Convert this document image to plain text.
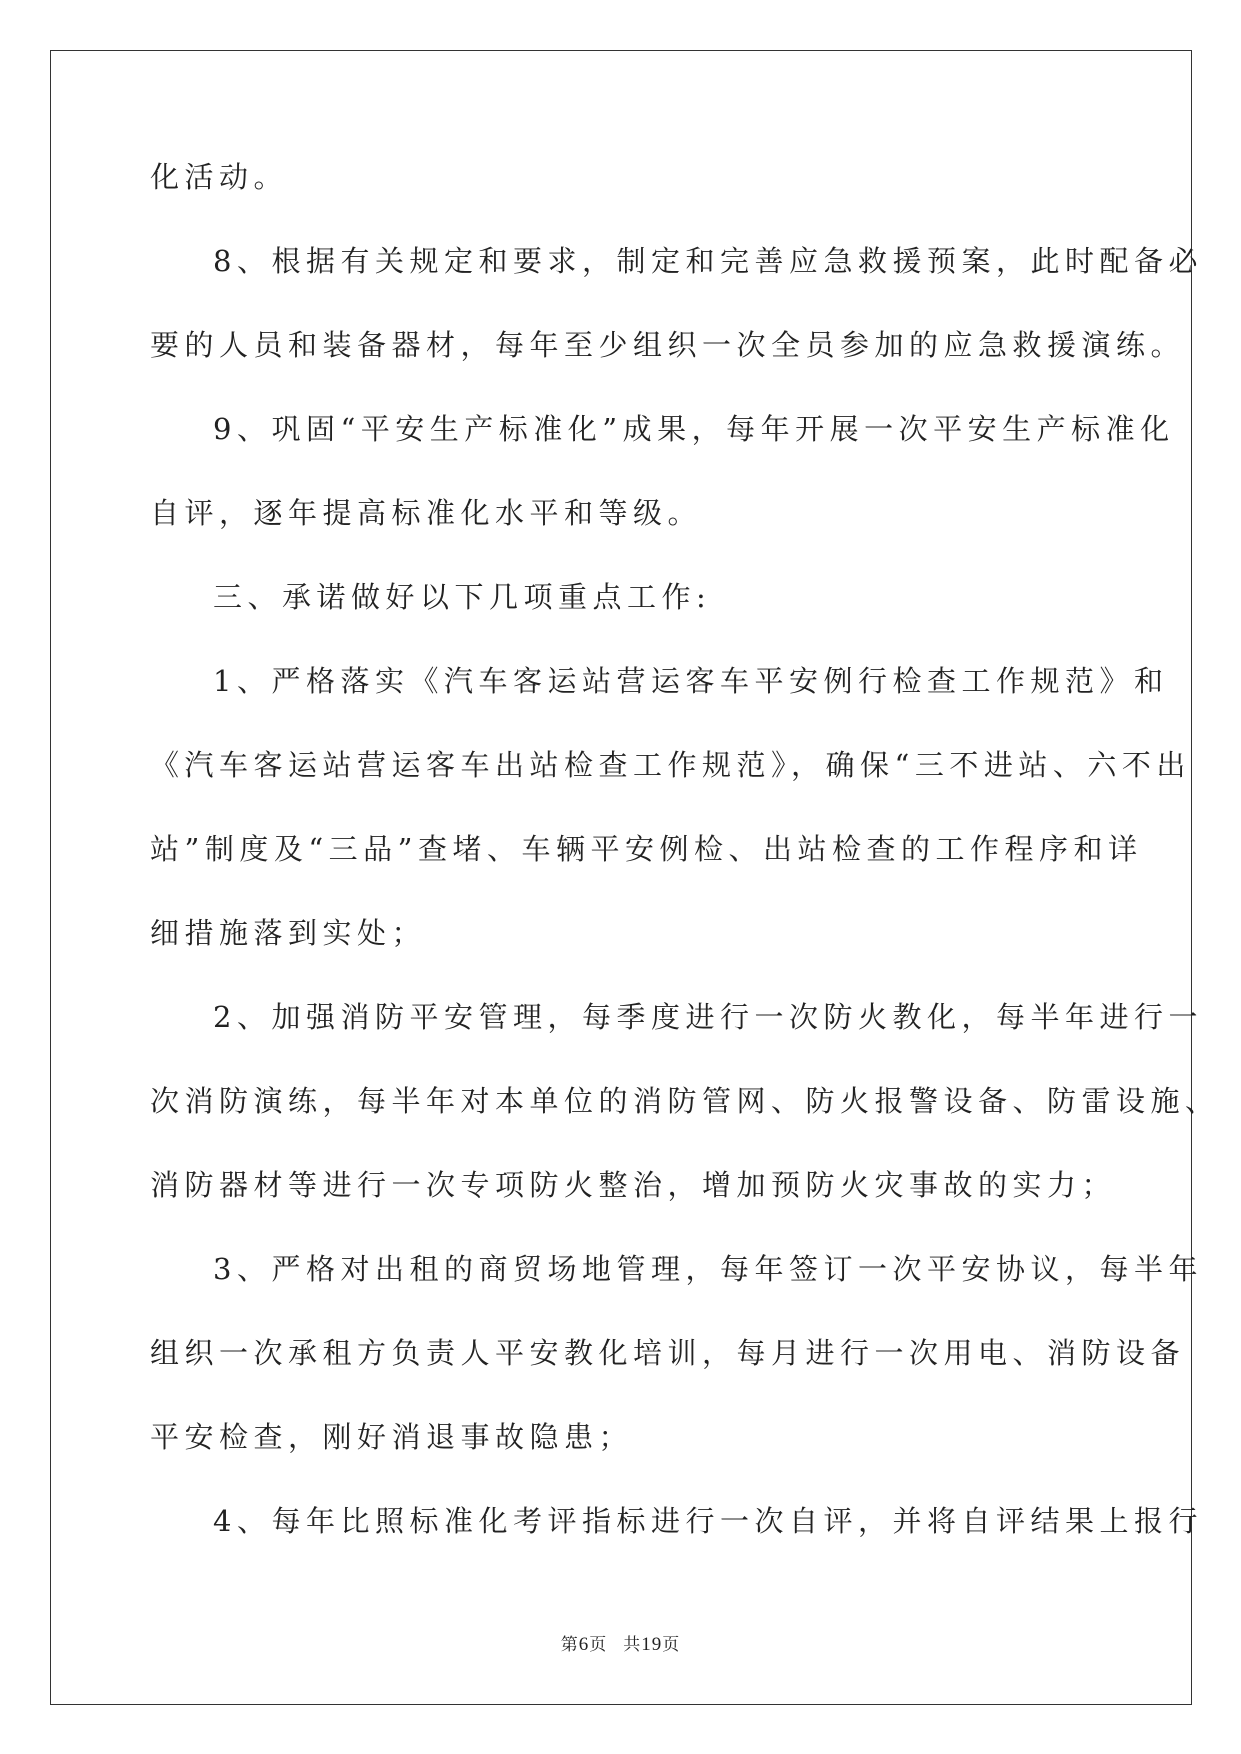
化活动。

8、根据有关规定和要求，制定和完善应急救援预案，此时配备必

要的人员和装备器材，每年至少组织一次全员参加的应急救援演练。

9、巩固“平安生产标准化”成果，每年开展一次平安生产标准化

自评，逐年提高标准化水平和等级。

三、承诺做好以下几项重点工作:

1、严格落实《汽车客运站营运客车平安例行检查工作规范》和

《汽车客运站营运客车出站检查工作规范》，确保“三不进站、六不出

站”制度及“三品”查堵、车辆平安例检、出站检查的工作程序和详

细措施落到实处；

2、加强消防平安管理，每季度进行一次防火教化，每半年进行一

次消防演练，每半年对本单位的消防管网、防火报警设备、防雷设施、

消防器材等进行一次专项防火整治，增加预防火灾事故的实力；

3、严格对出租的商贸场地管理，每年签订一次平安协议，每半年

组织一次承租方负责人平安教化培训，每月进行一次用电、消防设备

平安检查，刚好消退事故隐患；

4、每年比照标准化考评指标进行一次自评，并将自评结果上报行

第6页 共19页
